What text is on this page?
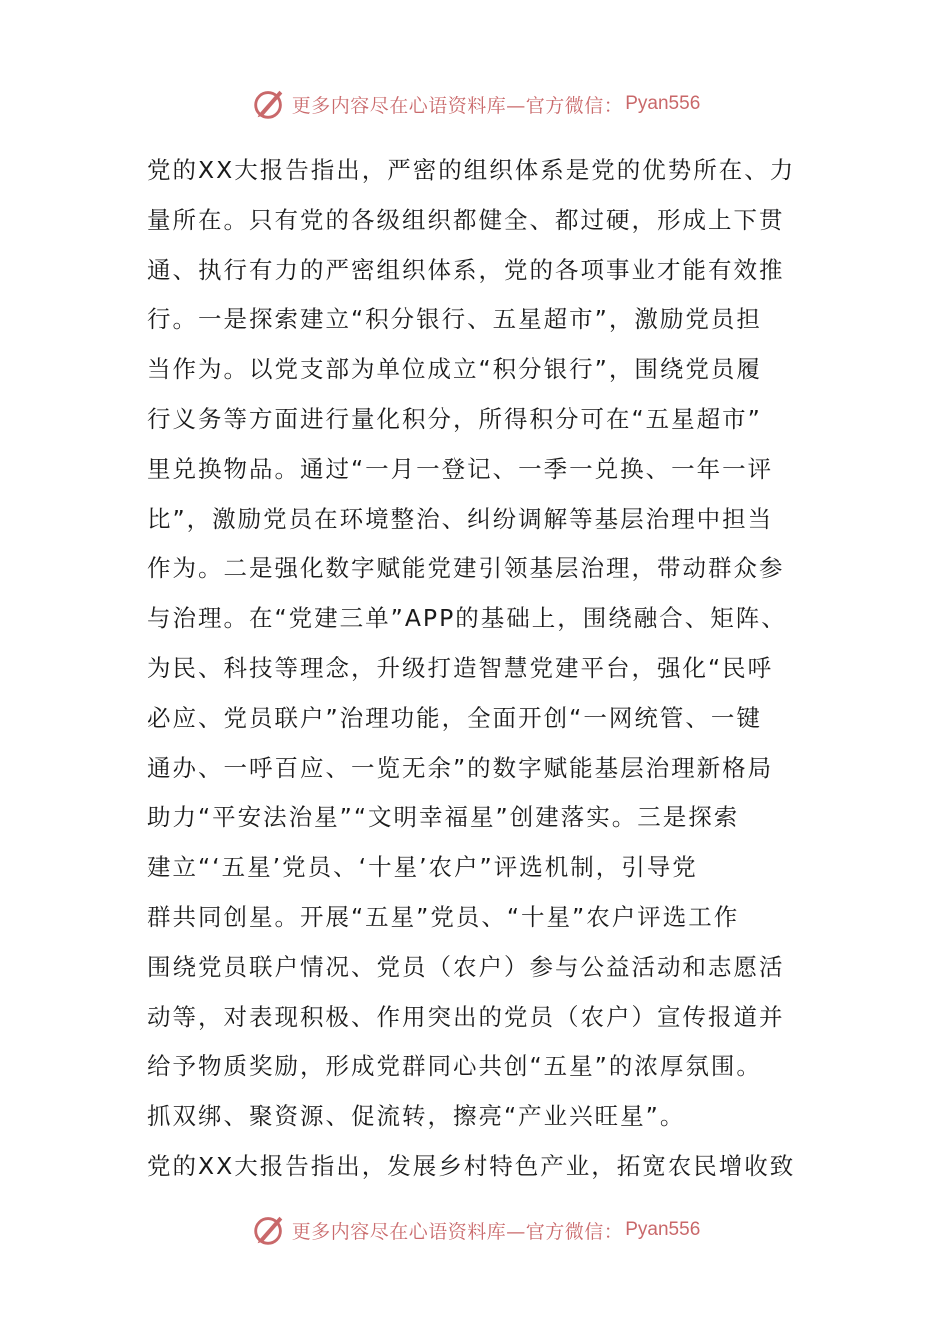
更多内容尽在心语资料库—官方微信： Pyan556
党的XX大报告指出，严密的组织体系是党的优势所在、力
量所在。只有党的各级组织都健全、都过硬，形成上下贯
通、执行有力的严密组织体系，党的各项事业才能有效推
行。一是探索建立“积分银行、五星超市”，激励党员担
当作为。以党支部为单位成立“积分银行”，围绕党员履
行义务等方面进行量化积分，所得积分可在“五星超市”
里兑换物品。通过“一月一登记、一季一兑换、一年一评
比”，激励党员在环境整治、纠纷调解等基层治理中担当
作为。二是强化数字赋能党建引领基层治理，带动群众参
与治理。在“党建三单”APP的基础上，围绕融合、矩阵、
为民、科技等理念，升级打造智慧党建平台，强化“民呼
必应、党员联户”治理功能，全面开创“一网统管、一键
通办、一呼百应、一览无余”的数字赋能基层治理新格局
助力“平安法治星”“文明幸福星”创建落实。三是探索
建立“‘五星’党员、‘十星’农户”评选机制，引导党
群共同创星。开展“五星”党员、“十星”农户评选工作
围绕党员联户情况、党员（农户）参与公益活动和志愿活
动等，对表现积极、作用突出的党员（农户）宣传报道并
给予物质奖励，形成党群同心共创“五星”的浓厚氛围。
抓双绑、聚资源、促流转，擦亮“产业兴旺星”。
党的XX大报告指出，发展乡村特色产业，拓宽农民增收致
更多内容尽在心语资料库—官方微信： Pyan556
